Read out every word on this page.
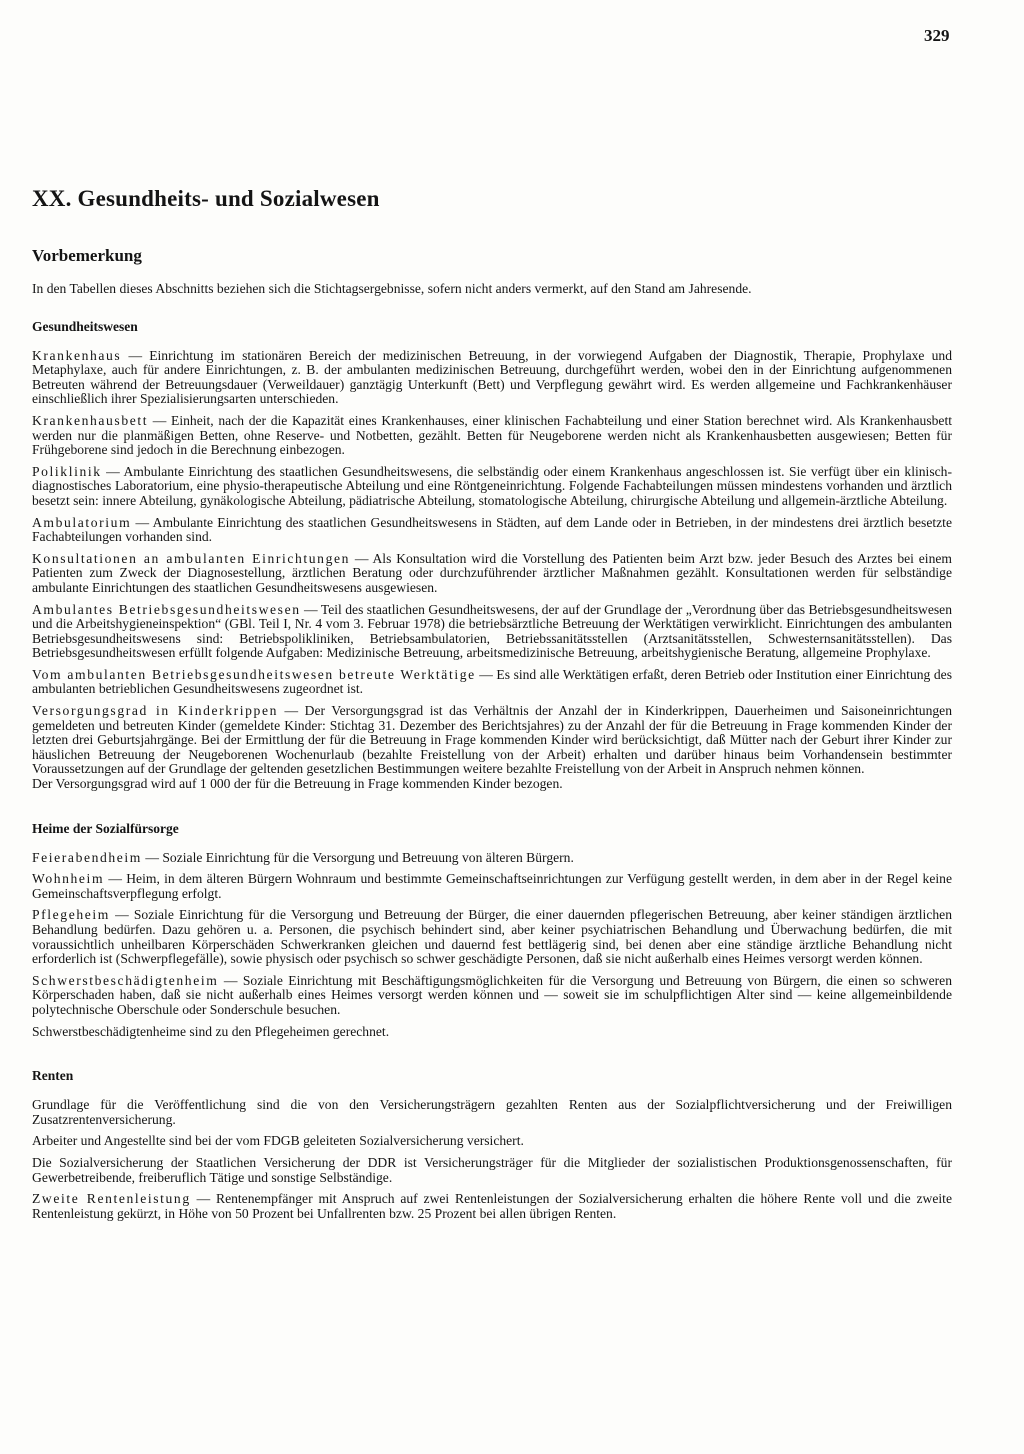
329
XX. Gesundheits- und Sozialwesen
Vorbemerkung

In den Tabellen dieses Abschnitts beziehen sich die Stichtagsergebnisse, sofern nicht anders vermerkt, auf den Stand am Jahresende.

Gesundheitswesen

Krankenhaus — Einrichtung im stationären Bereich der medizinischen Betreuung, in der vorwiegend Aufgaben der Diagnostik, Therapie, Prophylaxe und Metaphylaxe, auch für andere Einrichtungen, z. B. der ambulanten medizinischen Betreuung, durchgeführt werden, wobei den in der Einrichtung aufgenommenen Betreuten während der Betreuungsdauer (Verweildauer) ganztägig Unterkunft (Bett) und Verpflegung gewährt wird. Es werden allgemeine und Fachkrankenhäuser einschließlich ihrer Spezialisierungsarten unterschieden.

Krankenhausbett — Einheit, nach der die Kapazität eines Krankenhauses, einer klinischen Fachabteilung und einer Station berechnet wird. Als Krankenhausbett werden nur die planmäßigen Betten, ohne Reserve- und Notbetten, gezählt. Betten für Neugeborene werden nicht als Krankenhausbetten ausgewiesen; Betten für Frühgeborene sind jedoch in die Berechnung einbezogen.

Poliklinik — Ambulante Einrichtung des staatlichen Gesundheitswesens, die selbständig oder einem Krankenhaus angeschlossen ist. Sie verfügt über ein klinisch-diagnostisches Laboratorium, eine physio-therapeutische Abteilung und eine Röntgeneinrichtung. Folgende Fachabteilungen müssen mindestens vorhanden und ärztlich besetzt sein: innere Abteilung, gynäkologische Abteilung, pädiatrische Abteilung, stomatologische Abteilung, chirurgische Abteilung und allgemein-ärztliche Abteilung.

Ambulatorium — Ambulante Einrichtung des staatlichen Gesundheitswesens in Städten, auf dem Lande oder in Betrieben, in der mindestens drei ärztlich besetzte Fachabteilungen vorhanden sind.

Konsultationen an ambulanten Einrichtungen — Als Konsultation wird die Vorstellung des Patienten beim Arzt bzw. jeder Besuch des Arztes bei einem Patienten zum Zweck der Diagnosestellung, ärztlichen Beratung oder durchzuführender ärztlicher Maßnahmen gezählt. Konsultationen werden für selbständige ambulante Einrichtungen des staatlichen Gesundheitswesens ausgewiesen.

Ambulantes Betriebsgesundheitswesen — Teil des staatlichen Gesundheitswesens, der auf der Grundlage der „Verordnung über das Betriebsgesundheitswesen und die Arbeitshygieneinspektion“ (GBl. Teil I, Nr. 4 vom 3. Februar 1978) die betriebsärztliche Betreuung der Werktätigen verwirklicht. Einrichtungen des ambulanten Betriebsgesundheitswesens sind: Betriebspolikliniken, Betriebsambulatorien, Betriebssanitätsstellen (Arztsanitätsstellen, Schwesternsanitätsstellen). Das Betriebsgesundheitswesen erfüllt folgende Aufgaben: Medizinische Betreuung, arbeitsmedizinische Betreuung, arbeitshygienische Beratung, allgemeine Prophylaxe.

Vom ambulanten Betriebsgesundheitswesen betreute Werktätige — Es sind alle Werktätigen erfaßt, deren Betrieb oder Institution einer Einrichtung des ambulanten betrieblichen Gesundheitswesens zugeordnet ist.

Versorgungsgrad in Kinderkrippen — Der Versorgungsgrad ist das Verhältnis der Anzahl der in Kinderkrippen, Dauerheimen und Saisoneinrichtungen gemeldeten und betreuten Kinder (gemeldete Kinder: Stichtag 31. Dezember des Berichtsjahres) zu der Anzahl der für die Betreuung in Frage kommenden Kinder der letzten drei Geburtsjahrgänge. Bei der Ermittlung der für die Betreuung in Frage kommenden Kinder wird berücksichtigt, daß Mütter nach der Geburt ihrer Kinder zur häuslichen Betreuung der Neugeborenen Wochenurlaub (bezahlte Freistellung von der Arbeit) erhalten und darüber hinaus beim Vorhandensein bestimmter Voraussetzungen auf der Grundlage der geltenden gesetzlichen Bestimmungen weitere bezahlte Freistellung von der Arbeit in Anspruch nehmen können.

Der Versorgungsgrad wird auf 1 000 der für die Betreuung in Frage kommenden Kinder bezogen.

Heime der Sozialfürsorge

Feierabendheim — Soziale Einrichtung für die Versorgung und Betreuung von älteren Bürgern.

Wohnheim — Heim, in dem älteren Bürgern Wohnraum und bestimmte Gemeinschaftseinrichtungen zur Verfügung gestellt werden, in dem aber in der Regel keine Gemeinschaftsverpflegung erfolgt.

Pflegeheim — Soziale Einrichtung für die Versorgung und Betreuung der Bürger, die einer dauernden pflegerischen Betreuung, aber keiner ständigen ärztlichen Behandlung bedürfen. Dazu gehören u. a. Personen, die psychisch behindert sind, aber keiner psychiatrischen Behandlung und Überwachung bedürfen, die mit voraussichtlich unheilbaren Körperschäden Schwerkranken gleichen und dauernd fest bettlägerig sind, bei denen aber eine ständige ärztliche Behandlung nicht erforderlich ist (Schwerpflegefälle), sowie physisch oder psychisch so schwer geschädigte Personen, daß sie nicht außerhalb eines Heimes versorgt werden können.

Schwerstbeschädigtenheim — Soziale Einrichtung mit Beschäftigungsmöglichkeiten für die Versorgung und Betreuung von Bürgern, die einen so schweren Körperschaden haben, daß sie nicht außerhalb eines Heimes versorgt werden können und — soweit sie im schulpflichtigen Alter sind — keine allgemeinbildende polytechnische Oberschule oder Sonderschule besuchen.

Schwerstbeschädigtenheime sind zu den Pflegeheimen gerechnet.

Renten

Grundlage für die Veröffentlichung sind die von den Versicherungsträgern gezahlten Renten aus der Sozialpflichtversicherung und der Freiwilligen Zusatzrentenversicherung.

Arbeiter und Angestellte sind bei der vom FDGB geleiteten Sozialversicherung versichert.

Die Sozialversicherung der Staatlichen Versicherung der DDR ist Versicherungsträger für die Mitglieder der sozialistischen Produktionsgenossenschaften, für Gewerbetreibende, freiberuflich Tätige und sonstige Selbständige.

Zweite Rentenleistung — Rentenempfänger mit Anspruch auf zwei Rentenleistungen der Sozialversicherung erhalten die höhere Rente voll und die zweite Rentenleistung gekürzt, in Höhe von 50 Prozent bei Unfallrenten bzw. 25 Prozent bei allen übrigen Renten.
